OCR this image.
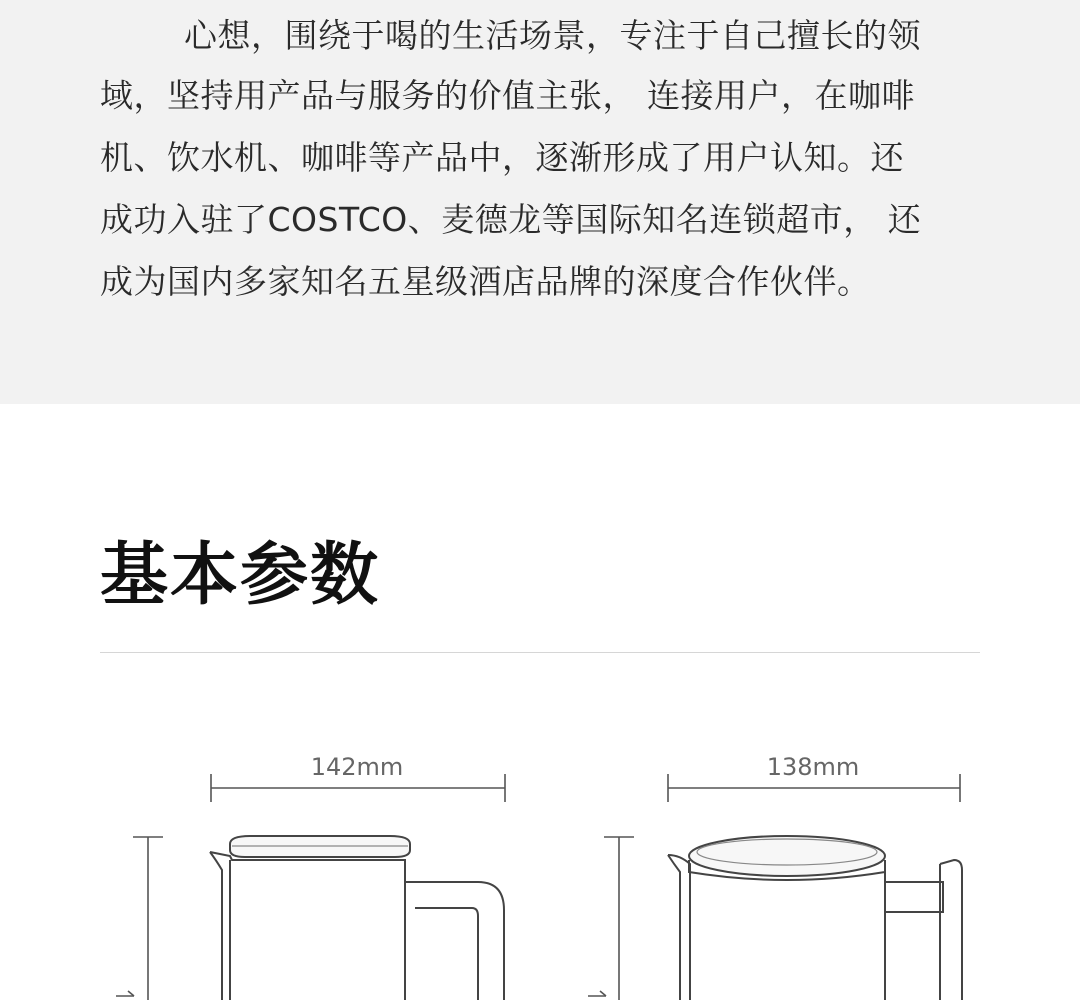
心想，围绕于喝的生活场景，专注于自己擅长的领
域，坚持用产品与服务的价值主张， 连接用户，在咖啡
机、饮水机、咖啡等产品中，逐渐形成了用户认知。还
成功入驻了COSTCO、麦德龙等国际知名连锁超市， 还
成为国内多家知名五星级酒店品牌的深度合作伙伴。
基本参数
142mm	138mm
